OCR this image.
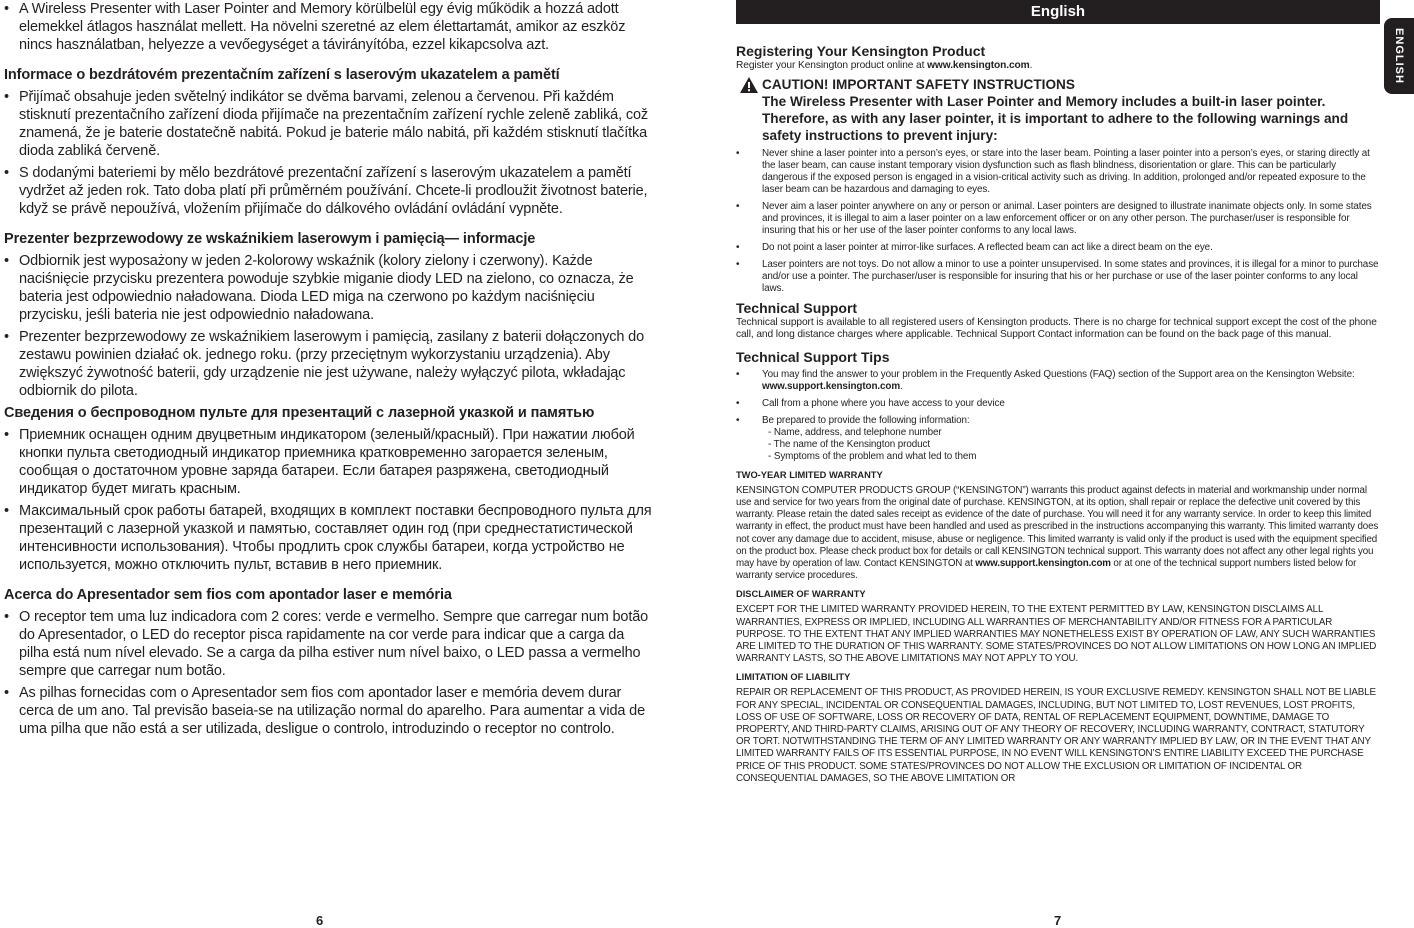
• A Wireless Presenter with Laser Pointer and Memory körülbelül egy évig működik a hozzá adott elemekkel átlagos használat mellett. Ha növelni szeretné az elem élettartamát, amikor az eszköz nincs használatban, helyezze a vevőegységet a távirányítóba, ezzel kikapcsolva azt.
Informace o bezdrátovém prezentačním zařízení s laserovým ukazatelem a pamětí
• Přijímač obsahuje jeden světelný indikátor se dvěma barvami, zelenou a červenou. Při každém stisknutí prezentačního zařízení dioda přijímače na prezentačním zařízení rychle zeleně zabliká, což znamená, že je baterie dostatečně nabitá. Pokud je baterie málo nabitá, při každém stisknutí tlačítka dioda zabliká červeně.
• S dodanými bateriemi by mělo bezdrátové prezentační zařízení s laserovým ukazatelem a pamětí vydržet až jeden rok. Tato doba platí při průměrném používání. Chcete-li prodloužit životnost baterie, když se právě nepoužívá, vložením přijímače do dálkového ovládání ovládání vypněte.
Prezenter bezprzewodowy ze wskaźnikiem laserowym i pamięcią— informacje
• Odbiornik jest wyposażony w jeden 2-kolorowy wskaźnik (kolory zielony i czerwony). Każde naciśnięcie przycisku prezentera powoduje szybkie miganie diody LED na zielono, co oznacza, że bateria jest odpowiednio naładowana. Dioda LED miga na czerwono po każdym naciśnięciu przycisku, jeśli bateria nie jest odpowiednio naładowana.
• Prezenter bezprzewodowy ze wskaźnikiem laserowym i pamięcią, zasilany z baterii dołączonych do zestawu powinien działać ok. jednego roku. (przy przeciętnym wykorzystaniu urządzenia). Aby zwiększyć żywotność baterii, gdy urządzenie nie jest używane, należy wyłączyć pilota, wkładając odbiornik do pilota.
Сведения о беспроводном пульте для презентаций с лазерной указкой и памятью
• Приемник оснащен одним двуцветным индикатором (зеленый/красный). При нажатии любой кнопки пульта светодиодный индикатор приемника кратковременно загорается зеленым, сообщая о достаточном уровне заряда батареи. Если батарея разряжена, светодиодный индикатор будет мигать красным.
• Максимальный срок работы батарей, входящих в комплект поставки беспроводного пульта для презентаций с лазерной указкой и памятью, составляет один год (при среднестатистической интенсивности использования). Чтобы продлить срок службы батареи, когда устройство не используется, можно отключить пульт, вставив в него приемник.
Acerca do Apresentador sem fios com apontador laser e memória
• O receptor tem uma luz indicadora com 2 cores: verde e vermelho. Sempre que carregar num botão do Apresentador, o LED do receptor pisca rapidamente na cor verde para indicar que a carga da pilha está num nível elevado. Se a carga da pilha estiver num nível baixo, o LED passa a vermelho sempre que carregar num botão.
• As pilhas fornecidas com o Apresentador sem fios com apontador laser e memória devem durar cerca de um ano. Tal previsão baseia-se na utilização normal do aparelho. Para aumentar a vida de uma pilha que não está a ser utilizada, desligue o controlo, introduzindo o receptor no controlo.
6
English
ENGLISH
Registering Your Kensington Product
Register your Kensington product online at www.kensington.com.
CAUTION! IMPORTANT SAFETY INSTRUCTIONS
The Wireless Presenter with Laser Pointer and Memory includes a built-in laser pointer. Therefore, as with any laser pointer, it is important to adhere to the following warnings and safety instructions to prevent injury:
• Never shine a laser pointer into a person’s eyes, or stare into the laser beam. Pointing a laser pointer into a person’s eyes, or staring directly at the laser beam, can cause instant temporary vision dysfunction such as flash blindness, disorientation or glare. This can be particularly dangerous if the exposed person is engaged in a vision-critical activity such as driving. In addition, prolonged and/or repeated exposure to the laser beam can be hazardous and damaging to eyes.
• Never aim a laser pointer anywhere on any or person or animal. Laser pointers are designed to illustrate inanimate objects only. In some states and provinces, it is illegal to aim a laser pointer on a law enforcement officer or on any other person. The purchaser/user is responsible for insuring that his or her use of the laser pointer conforms to any local laws.
• Do not point a laser pointer at mirror-like surfaces. A reflected beam can act like a direct beam on the eye.
• Laser pointers are not toys. Do not allow a minor to use a pointer unsupervised. In some states and provinces, it is illegal for a minor to purchase and/or use a pointer. The purchaser/user is responsible for insuring that his or her purchase or use of the laser pointer conforms to any local laws.
Technical Support
Technical support is available to all registered users of Kensington products. There is no charge for technical support except the cost of the phone call, and long distance charges where applicable. Technical Support Contact information can be found on the back page of this manual.
Technical Support Tips
• You may find the answer to your problem in the Frequently Asked Questions (FAQ) section of the Support area on the Kensington Website: www.support.kensington.com.
• Call from a phone where you have access to your device
• Be prepared to provide the following information:
- Name, address, and telephone number
- The name of the Kensington product
- Symptoms of the problem and what led to them
TWO-YEAR LIMITED WARRANTY
KENSINGTON COMPUTER PRODUCTS GROUP (“KENSINGTON”) warrants this product against defects in material and workmanship under normal use and service for two years from the original date of purchase. KENSINGTON, at its option, shall repair or replace the defective unit covered by this warranty. Please retain the dated sales receipt as evidence of the date of purchase. You will need it for any warranty service. In order to keep this limited warranty in effect, the product must have been handled and used as prescribed in the instructions accompanying this warranty. This limited warranty does not cover any damage due to accident, misuse, abuse or negligence. This limited warranty is valid only if the product is used with the equipment specified on the product box. Please check product box for details or call KENSINGTON technical support. This warranty does not affect any other legal rights you may have by operation of law. Contact KENSINGTON at www.support.kensington.com or at one of the technical support numbers listed below for warranty service procedures.
DISCLAIMER OF WARRANTY
EXCEPT FOR THE LIMITED WARRANTY PROVIDED HEREIN, TO THE EXTENT PERMITTED BY LAW, KENSINGTON DISCLAIMS ALL WARRANTIES, EXPRESS OR IMPLIED, INCLUDING ALL WARRANTIES OF MERCHANTABILITY AND/OR FITNESS FOR A PARTICULAR PURPOSE. TO THE EXTENT THAT ANY IMPLIED WARRANTIES MAY NONETHELESS EXIST BY OPERATION OF LAW, ANY SUCH WARRANTIES ARE LIMITED TO THE DURATION OF THIS WARRANTY. SOME STATES/PROVINCES DO NOT ALLOW LIMITATIONS ON HOW LONG AN IMPLIED WARRANTY LASTS, SO THE ABOVE LIMITATIONS MAY NOT APPLY TO YOU.
LIMITATION OF LIABILITY
REPAIR OR REPLACEMENT OF THIS PRODUCT, AS PROVIDED HEREIN, IS YOUR EXCLUSIVE REMEDY. KENSINGTON SHALL NOT BE LIABLE FOR ANY SPECIAL, INCIDENTAL OR CONSEQUENTIAL DAMAGES, INCLUDING, BUT NOT LIMITED TO, LOST REVENUES, LOST PROFITS, LOSS OF USE OF SOFTWARE, LOSS OR RECOVERY OF DATA, RENTAL OF REPLACEMENT EQUIPMENT, DOWNTIME, DAMAGE TO PROPERTY, AND THIRD-PARTY CLAIMS, ARISING OUT OF ANY THEORY OF RECOVERY, INCLUDING WARRANTY, CONTRACT, STATUTORY OR TORT. NOTWITHSTANDING THE TERM OF ANY LIMITED WARRANTY OR ANY WARRANTY IMPLIED BY LAW, OR IN THE EVENT THAT ANY LIMITED WARRANTY FAILS OF ITS ESSENTIAL PURPOSE, IN NO EVENT WILL KENSINGTON’S ENTIRE LIABILITY EXCEED THE PURCHASE PRICE OF THIS PRODUCT. SOME STATES/PROVINCES DO NOT ALLOW THE EXCLUSION OR LIMITATION OF INCIDENTAL OR CONSEQUENTIAL DAMAGES, SO THE ABOVE LIMITATION OR
7
